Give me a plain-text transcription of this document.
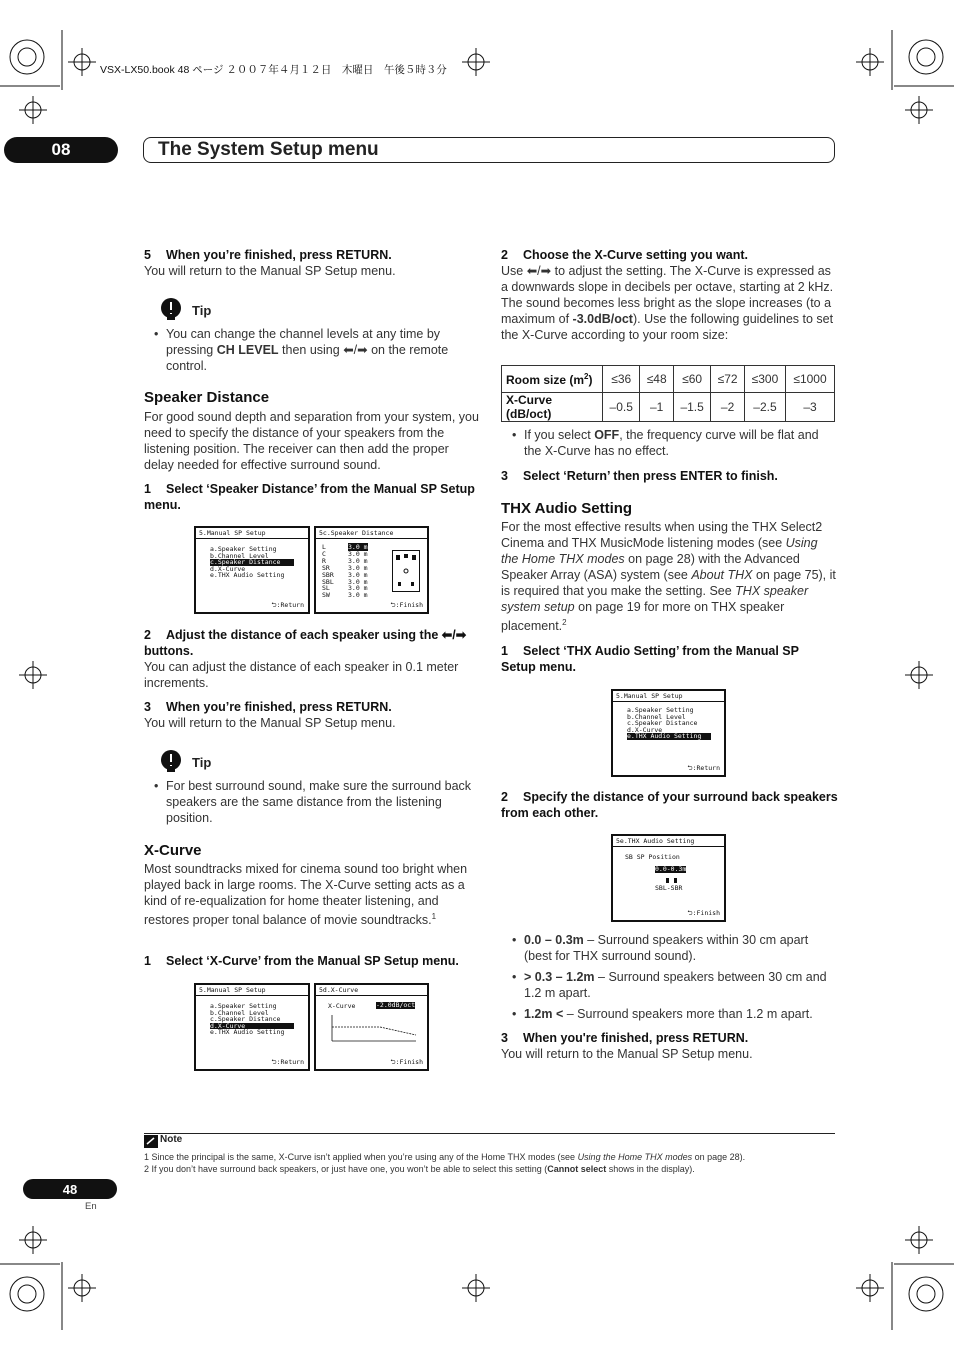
VSX-LX50.book 48 ページ ２００７年４月１２日　木曜日　午後５時３分
08	The System Setup menu
5 When you’re finished, press RETURN.
You will return to the Manual SP Setup menu.
Tip
• You can change the channel levels at any time by pressing CH LEVEL then using ⬅/➡ on the remote control.
Speaker Distance
For good sound depth and separation from your system, you need to specify the distance of your speakers from the listening position. The receiver can then add the proper delay needed for effective surround sound.
1 Select ‘Speaker Distance’ from the Manual SP Setup menu.
5.Manual SP Setup
a.Speaker Setting
b.Channel Level
c.Speaker Distance
d.X-Curve
e.THX Audio Setting
⮌:Return
5c.Speaker Distance
L	3.0 m
C	3.0 m
R	3.0 m
SR	3.0 m
SBR 3.0 m
SBL 3.0 m
SL	3.0 m
SW	3.0 m
⮌:Finish
2 Adjust the distance of each speaker using the ⬅/➡ buttons.
You can adjust the distance of each speaker in 0.1 meter increments.
3 When you’re finished, press RETURN.
You will return to the Manual SP Setup menu.
Tip
• For best surround sound, make sure the surround back speakers are the same distance from the listening position.
X-Curve
Most soundtracks mixed for cinema sound too bright when played back in large rooms. The X-Curve setting acts as a kind of re-equalization for home theater listening, and restores proper tonal balance of movie soundtracks.$^1$
1 Select ‘X-Curve’ from the Manual SP Setup menu.
5.Manual SP Setup
a.Speaker Setting
b.Channel Level
c.Speaker Distance
d.X-Curve
e.THX Audio Setting
⮌:Return
5d.X-Curve
X-Curve	-2.0dB/oct
⮌:Finish
2 Choose the X-Curve setting you want.
Use ⬅/➡ to adjust the setting. The X-Curve is expressed as a downwards slope in decibels per octave, starting at 2 kHz. The sound becomes less bright as the slope increases (to a maximum of -3.0dB/oct). Use the following guidelines to set the X-Curve according to your room size:
Room size $(m^2)$	≤36	≤48	≤60	≤72	≤300	≤1000
X-Curve (dB/oct)	–0.5	–1	–1.5	–2	–2.5	–3
• If you select OFF, the frequency curve will be flat and the X-Curve has no effect.
3 Select ‘Return’ then press ENTER to finish.
THX Audio Setting
For the most effective results when using the THX Select2 Cinema and THX MusicMode listening modes (see Using the Home THX modes on page 28) with the Advanced Speaker Array (ASA) system (see About THX on page 75), it is required that you make the setting. See THX speaker system setup on page 19 for more on THX speaker placement.$^2$
1 Select ‘THX Audio Setting’ from the Manual SP Setup menu.
5.Manual SP Setup
a.Speaker Setting
b.Channel Level
c.Speaker Distance
d.X-Curve
e.THX Audio Setting
⮌:Return
2 Specify the distance of your surround back speakers from each other.
5e.THX Audio Setting
SB SP Position
0.0-0.3m
SBL-SBR
⮌:Finish
• 0.0 – 0.3m – Surround speakers within 30 cm apart (best for THX surround sound).
• > 0.3 – 1.2m – Surround speakers between 30 cm and 1.2 m apart.
• 1.2m < – Surround speakers more than 1.2 m apart.
3 When you're finished, press RETURN.
You will return to the Manual SP Setup menu.
Note
1 Since the principal is the same, X-Curve isn’t applied when you’re using any of the Home THX modes (see Using the Home THX modes on page 28).
2 If you don’t have surround back speakers, or just have one, you won’t be able to select this setting (Cannot select shows in the display).
48
En
